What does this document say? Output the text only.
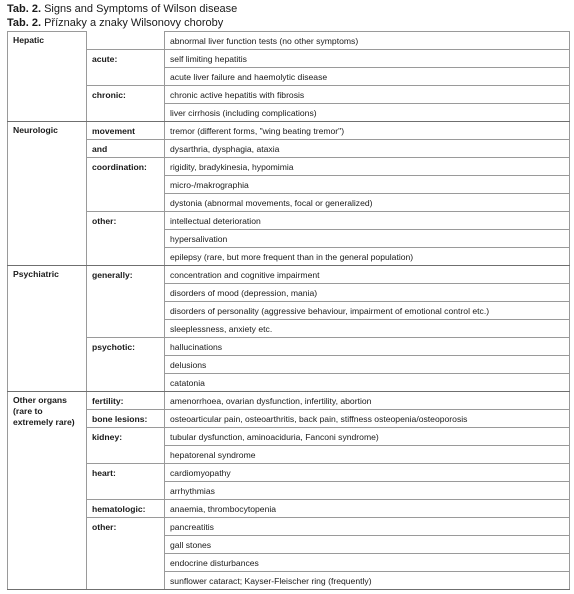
Tab. 2. Signs and Symptoms of Wilson disease
Tab. 2. Příznaky a znaky Wilsonovy choroby
Hepatic		abnormal liver function tests (no other symptoms)
	acute:	self limiting hepatitis
		acute liver failure and haemolytic disease
	chronic:	chronic active hepatitis with fibrosis
		liver cirrhosis (including complications)
Neurologic	movement	tremor (different forms, "wing beating tremor")
	and	dysarthria, dysphagia, ataxia
	coordination:	rigidity, bradykinesia, hypomimia
		micro-/makrographia
		dystonia (abnormal movements, focal or generalized)
	other:	intellectual deterioration
		hypersalivation
		epilepsy (rare, but more frequent than in the general population)
Psychiatric	generally:	concentration and cognitive impairment
		disorders of mood (depression, mania)
		disorders of personality (aggressive behaviour, impairment of emotional control etc.)
		sleeplessness, anxiety etc.
	psychotic:	hallucinations
		delusions
		catatonia
Other organs (rare to extremely rare)	fertility:	amenorrhoea, ovarian dysfunction, infertility, abortion
	bone lesions:	osteoarticular pain, osteoarthritis, back pain, stiffness osteopenia/osteoporosis
	kidney:	tubular dysfunction, aminoaciduria, Fanconi syndrome)
		hepatorenal syndrome
	heart:	cardiomyopathy
		arrhythmias
	hematologic:	anaemia, thrombocytopenia
	other:	pancreatitis
		gall stones
		endocrine disturbances
		sunflower cataract; Kayser-Fleischer ring (frequently)
